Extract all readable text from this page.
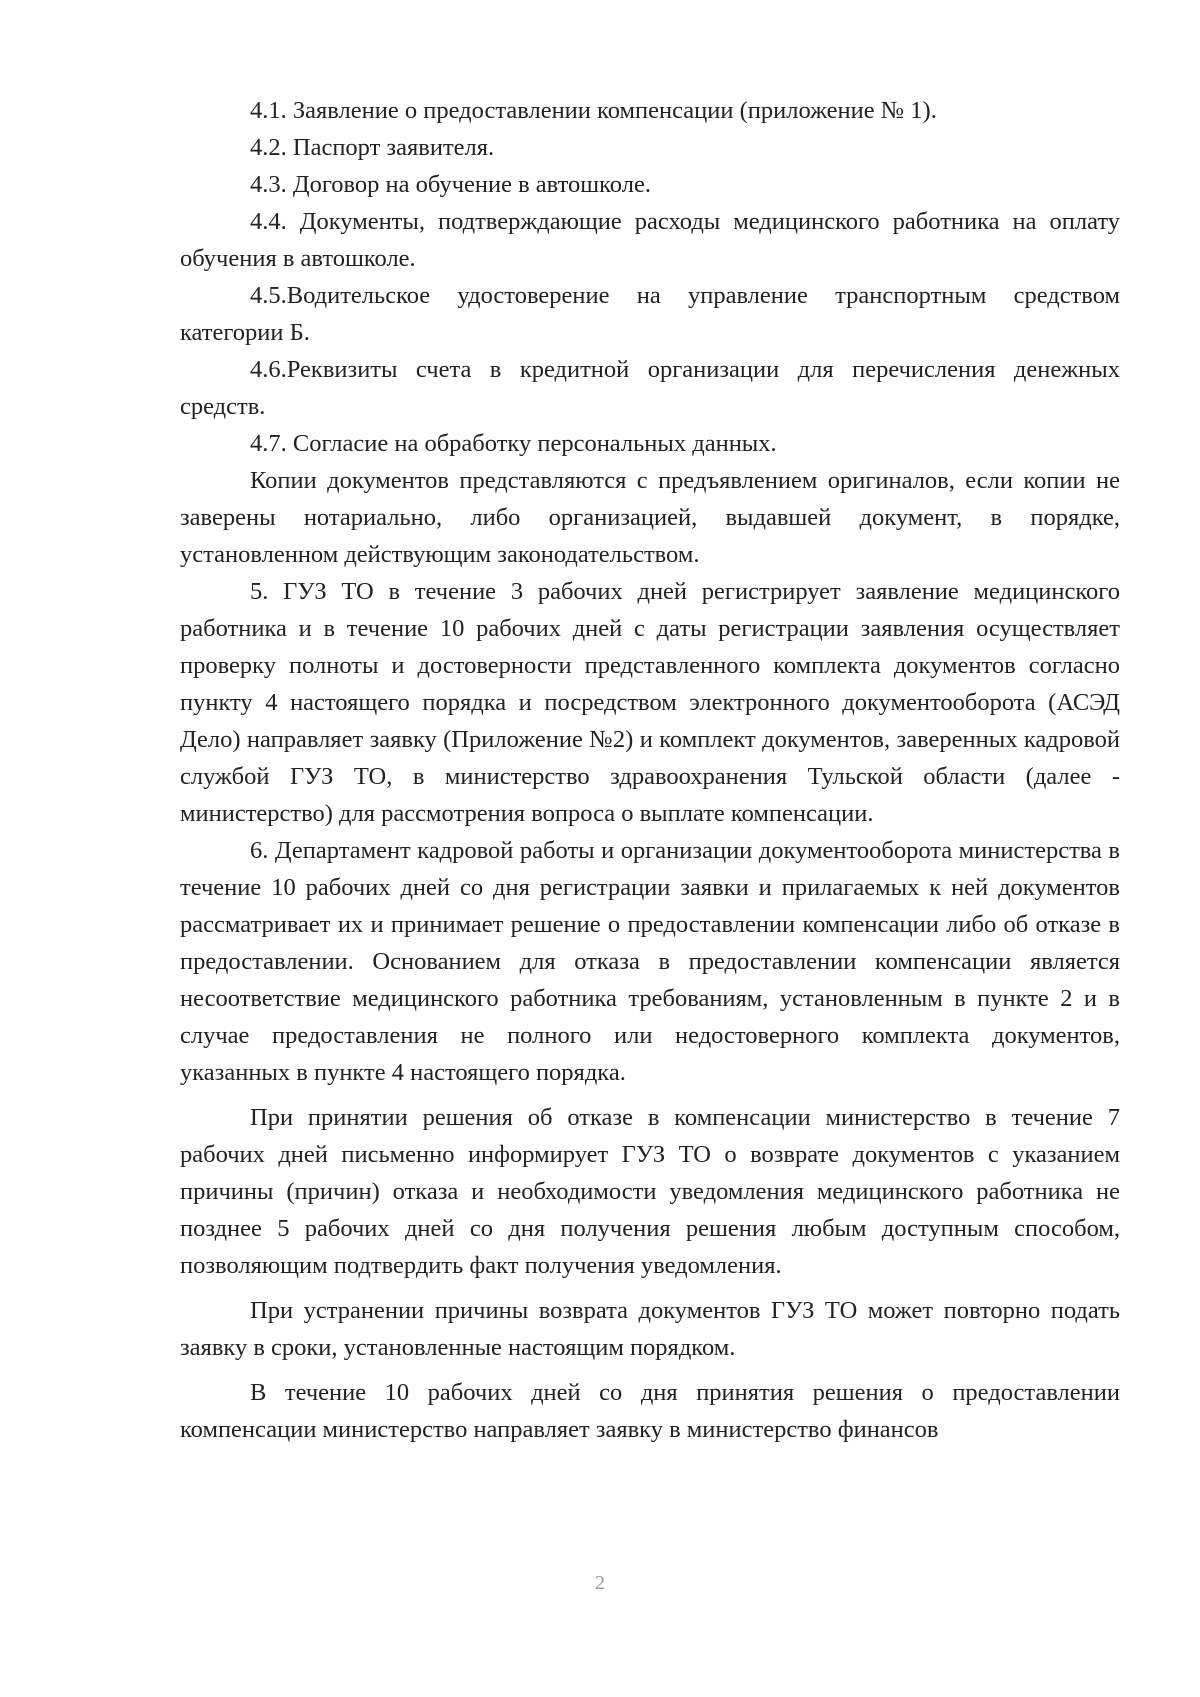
4.1. Заявление о предоставлении компенсации (приложение № 1).

4.2. Паспорт заявителя.

4.3. Договор на обучение в автошколе.

4.4. Документы, подтверждающие расходы медицинского работника на оплату обучения в автошколе.

4.5.Водительское удостоверение на управление транспортным средством категории Б.

4.6.Реквизиты счета в кредитной организации для перечисления денежных средств.

4.7. Согласие на обработку персональных данных.

Копии документов представляются с предъявлением оригиналов, если копии не заверены нотариально, либо организацией, выдавшей документ, в порядке, установленном действующим законодательством.

5. ГУЗ ТО в течение 3 рабочих дней регистрирует заявление медицинского работника и в течение 10 рабочих дней с даты регистрации заявления осуществляет проверку полноты и достоверности представленного комплекта документов согласно пункту 4 настоящего порядка и посредством электронного документооборота (АСЭД Дело) направляет заявку (Приложение №2) и комплект документов, заверенных кадровой службой ГУЗ ТО, в министерство здравоохранения Тульской области (далее - министерство) для рассмотрения вопроса о выплате компенсации.

6. Департамент кадровой работы и организации документооборота министерства в течение 10 рабочих дней со дня регистрации заявки и прилагаемых к ней документов рассматривает их и принимает решение о предоставлении компенсации либо об отказе в предоставлении. Основанием для отказа в предоставлении компенсации является несоответствие медицинского работника требованиям, установленным в пункте 2 и в случае предоставления не полного или недостоверного комплекта документов, указанных в пункте 4 настоящего порядка.

При принятии решения об отказе в компенсации министерство в течение 7 рабочих дней письменно информирует ГУЗ ТО о возврате документов с указанием причины (причин) отказа и необходимости уведомления медицинского работника не позднее 5 рабочих дней со дня получения решения любым доступным способом, позволяющим подтвердить факт получения уведомления.

При устранении причины возврата документов ГУЗ ТО может повторно подать заявку в сроки, установленные настоящим порядком.

В течение 10 рабочих дней со дня принятия решения о предоставлении компенсации министерство направляет заявку в министерство финансов

2
